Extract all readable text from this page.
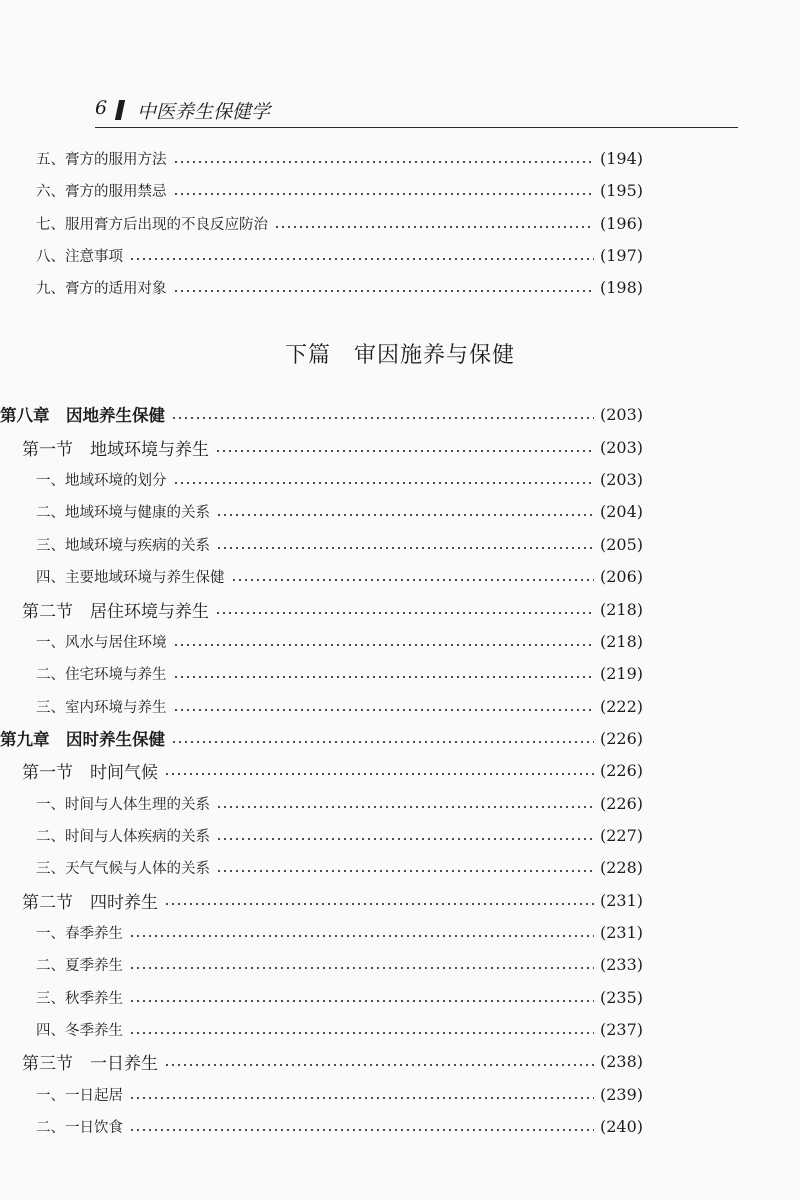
6 中医养生保健学
五、膏方的服用方法	(194)
六、膏方的服用禁忌	(195)
七、服用膏方后出现的不良反应防治	(196)
八、注意事项	(197)
九、膏方的适用对象	(198)
下篇　审因施养与保健
第八章　因地养生保健	(203)
第一节　地域环境与养生	(203)
一、地域环境的划分	(203)
二、地域环境与健康的关系	(204)
三、地域环境与疾病的关系	(205)
四、主要地域环境与养生保健	(206)
第二节　居住环境与养生	(218)
一、风水与居住环境	(218)
二、住宅环境与养生	(219)
三、室内环境与养生	(222)
第九章　因时养生保健	(226)
第一节　时间气候	(226)
一、时间与人体生理的关系	(226)
二、时间与人体疾病的关系	(227)
三、天气气候与人体的关系	(228)
第二节　四时养生	(231)
一、春季养生	(231)
二、夏季养生	(233)
三、秋季养生	(235)
四、冬季养生	(237)
第三节　一日养生	(238)
一、一日起居	(239)
二、一日饮食	(240)
